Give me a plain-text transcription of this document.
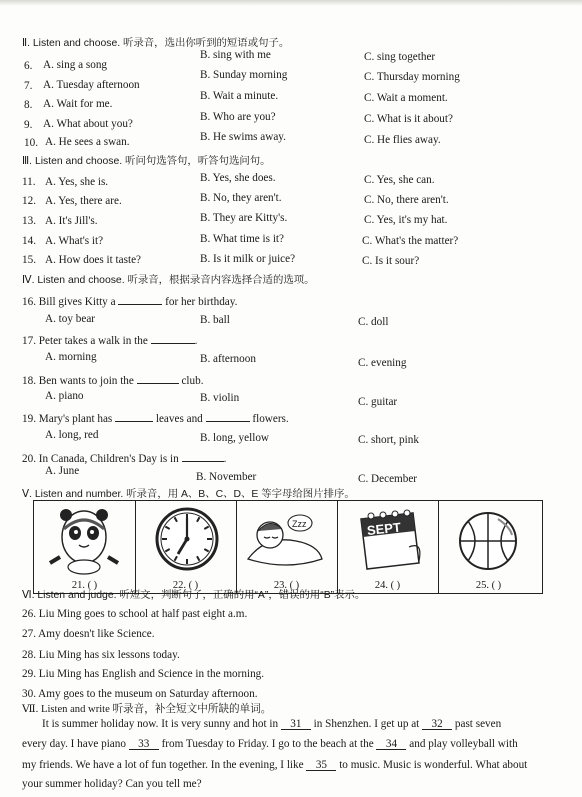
Ⅱ. Listen and choose. 听录音，选出你听到的短语或句子。
6. A. sing a song
B. sing with me	C. sing together
7. A. Tuesday afternoon
B. Sunday morning	C. Thursday morning
8. A. Wait for me.
B. Wait a minute.	C. Wait a moment.
9. A. What about you?
B. Who are you?	C. What is it about?
10. A. He sees a swan.	B. He swims away.	C. He flies away.
Ⅲ. Listen and choose. 听问句选答句，听答句选问句。
11. A. Yes, she is.	B. Yes, she does.	C. Yes, she can.
12. A. Yes, there are.	B. No, they aren't.	C. No, there aren't.
13. A. It's Jill's.	B. They are Kitty's.	C. Yes, it's my hat.
14. A. What's it?	B. What time is it?	C. What's the matter?
15. A. How does it taste?	B. Is it milk or juice?	C. Is it sour?
Ⅳ. Listen and choose. 听录音，根据录音内容选择合适的选项。
16. Bill gives Kitty a	for her birthday.
A. toy bear	B. ball	C. doll
17. Peter takes a walk in the	.
A. morning	B. afternoon	C. evening
18. Ben wants to join the	club.
A. piano	B. violin	C. guitar
19. Mary's plant has	leaves and	flowers.
A. long, red	B. long, yellow	C. short, pink
20. In Canada, Children's Day is in	.
A. June	B. November	C. December
Ⅴ. Listen and number. 听录音，用 A、B、C、D、E 等字母给图片排序。
21. ( )	22. ( )
Zzz
23. ( )
SEPT
24. ( )	25. ( )
Ⅵ. Listen and judge. 听短文，判断句子，正确的用“A”，错误的用“B”表示。
26. Liu Ming goes to school at half past eight a.m.
27. Amy doesn't like Science.
28. Liu Ming has six lessons today.
29. Liu Ming has English and Science in the morning.
30. Amy goes to the museum on Saturday afternoon.
Ⅶ. Listen and write 听录音，补全短文中所缺的单词。
It is summer holiday now. It is very sunny and hot in 31 in Shenzhen. I get up at 32 past seven
every day. I have piano 33 from Tuesday to Friday. I go to the beach at the 34 and play volleyball with
my friends. We have a lot of fun together. In the evening, I like 35 to music. Music is wonderful. What about
your summer holiday? Can you tell me?
